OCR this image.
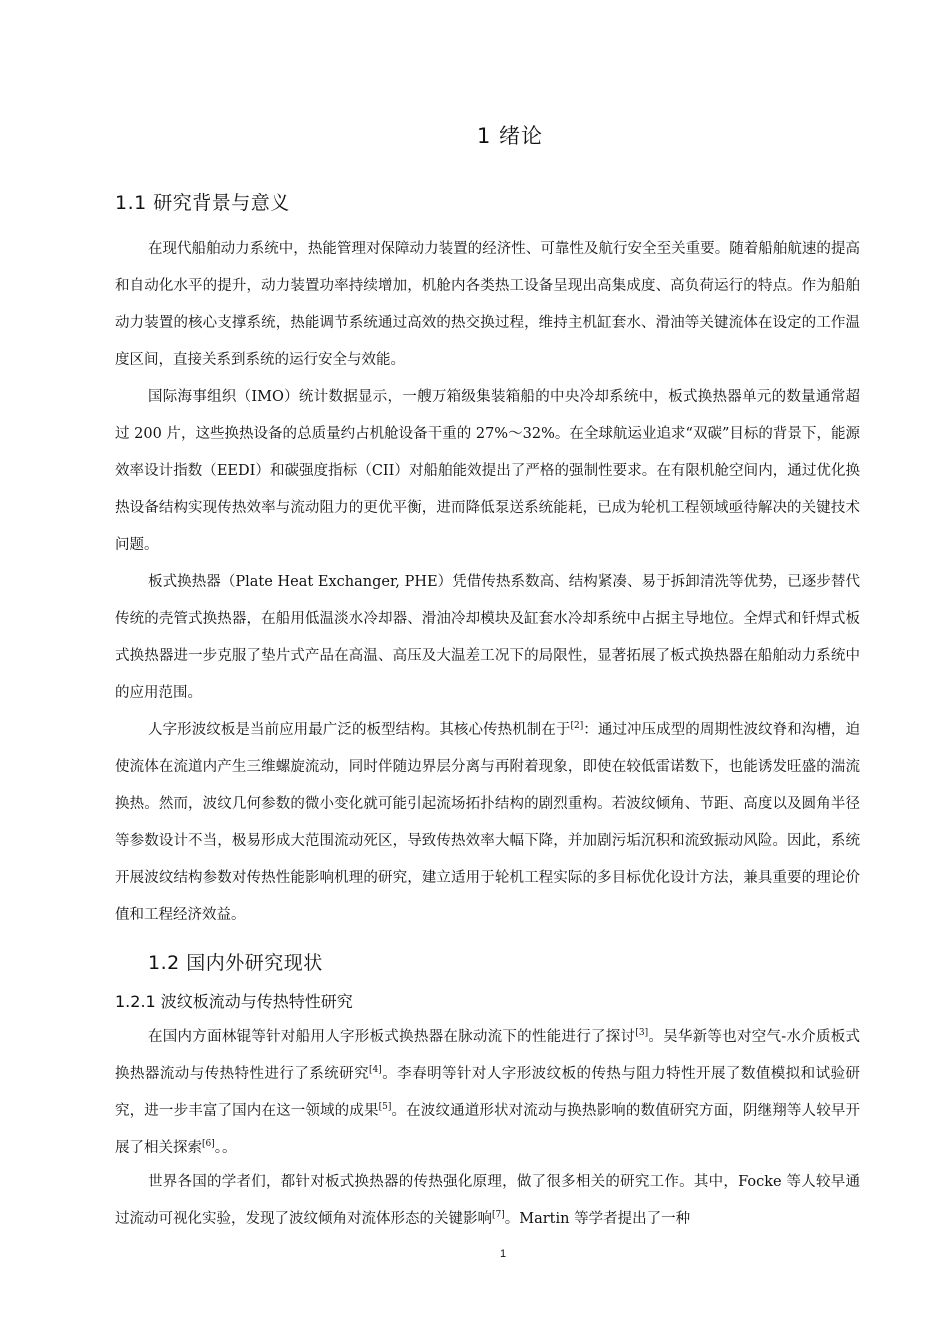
1 绪论
1.1 研究背景与意义

在现代船舶动力系统中，热能管理对保障动力装置的经济性、可靠性及航行安全至关重要。随着船舶航速的提高和自动化水平的提升，动力装置功率持续增加，机舱内各类热工设备呈现出高集成度、高负荷运行的特点。作为船舶动力装置的核心支撑系统，热能调节系统通过高效的热交换过程，维持主机缸套水、滑油等关键流体在设定的工作温度区间，直接关系到系统的运行安全与效能。

国际海事组织（IMO）统计数据显示，一艘万箱级集装箱船的中央冷却系统中，板式换热器单元的数量通常超过 200 片，这些换热设备的总质量约占机舱设备干重的 27%～32%。在全球航运业追求“双碳”目标的背景下，能源效率设计指数（EEDI）和碳强度指标（CII）对船舶能效提出了严格的强制性要求。在有限机舱空间内，通过优化换热设备结构实现传热效率与流动阻力的更优平衡，进而降低泵送系统能耗，已成为轮机工程领域亟待解决的关键技术问题。

板式换热器（Plate Heat Exchanger, PHE）凭借传热系数高、结构紧凑、易于拆卸清洗等优势，已逐步替代传统的壳管式换热器，在船用低温淡水冷却器、滑油冷却模块及缸套水冷却系统中占据主导地位。全焊式和钎焊式板式换热器进一步克服了垫片式产品在高温、高压及大温差工况下的局限性，显著拓展了板式换热器在船舶动力系统中的应用范围。

人字形波纹板是当前应用最广泛的板型结构。其核心传热机制在于[2]：通过冲压成型的周期性波纹脊和沟槽，迫使流体在流道内产生三维螺旋流动，同时伴随边界层分离与再附着现象，即使在较低雷诺数下，也能诱发旺盛的湍流换热。然而，波纹几何参数的微小变化就可能引起流场拓扑结构的剧烈重构。若波纹倾角、节距、高度以及圆角半径等参数设计不当，极易形成大范围流动死区，导致传热效率大幅下降，并加剧污垢沉积和流致振动风险。因此，系统开展波纹结构参数对传热性能影响机理的研究，建立适用于轮机工程实际的多目标优化设计方法，兼具重要的理论价值和工程经济效益。

1.2 国内外研究现状
1.2.1 波纹板流动与传热特性研究

在国内方面林锟等针对船用人字形板式换热器在脉动流下的性能进行了探讨[3]。吴华新等也对空气-水介质板式换热器流动与传热特性进行了系统研究[4]。李春明等针对人字形波纹板的传热与阻力特性开展了数值模拟和试验研究，进一步丰富了国内在这一领域的成果[5]。在波纹通道形状对流动与换热影响的数值研究方面，阴继翔等人较早开展了相关探索[6]。。

世界各国的学者们，都针对板式换热器的传热强化原理，做了很多相关的研究工作。其中，Focke 等人较早通过流动可视化实验，发现了波纹倾角对流体形态的关键影响[7]。Martin 等学者提出了一种

1
